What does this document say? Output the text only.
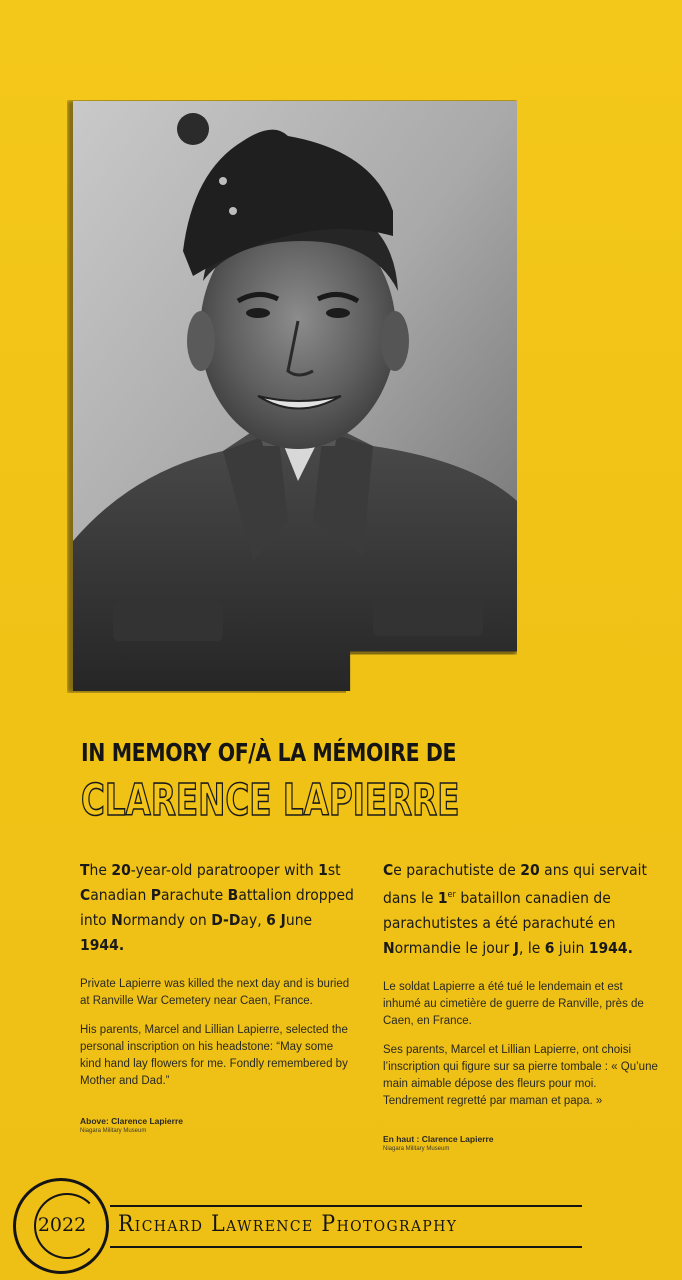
IN MEMORY OF/À LA MÉMOIRE DE
CLARENCE LAPIERRE

The 20-year-old paratrooper with 1st Canadian Parachute Battalion dropped into Normandy on D-Day, 6 June 1944.

Private Lapierre was killed the next day and is buried at Ranville War Cemetery near Caen, France.

His parents, Marcel and Lillian Lapierre, selected the personal inscription on his headstone: “May some kind hand lay flowers for me. Fondly remembered by Mother and Dad.”

Above: Clarence Lapierre

Niagara Military Museum

Ce parachutiste de 20 ans qui servait dans le 1er bataillon canadien de parachutistes a été parachuté en Normandie le jour J, le 6 juin 1944.

Le soldat Lapierre a été tué le lendemain et est inhumé au cimetière de guerre de Ranville, près de Caen, en France.

Ses parents, Marcel et Lillian Lapierre, ont choisi l’inscription qui figure sur sa pierre tombale : « Qu’une main aimable dépose des fleurs pour moi. Tendrement regretté par maman et papa. »

En haut : Clarence Lapierre

Niagara Military Museum

2022 Richard Lawrence Photography
